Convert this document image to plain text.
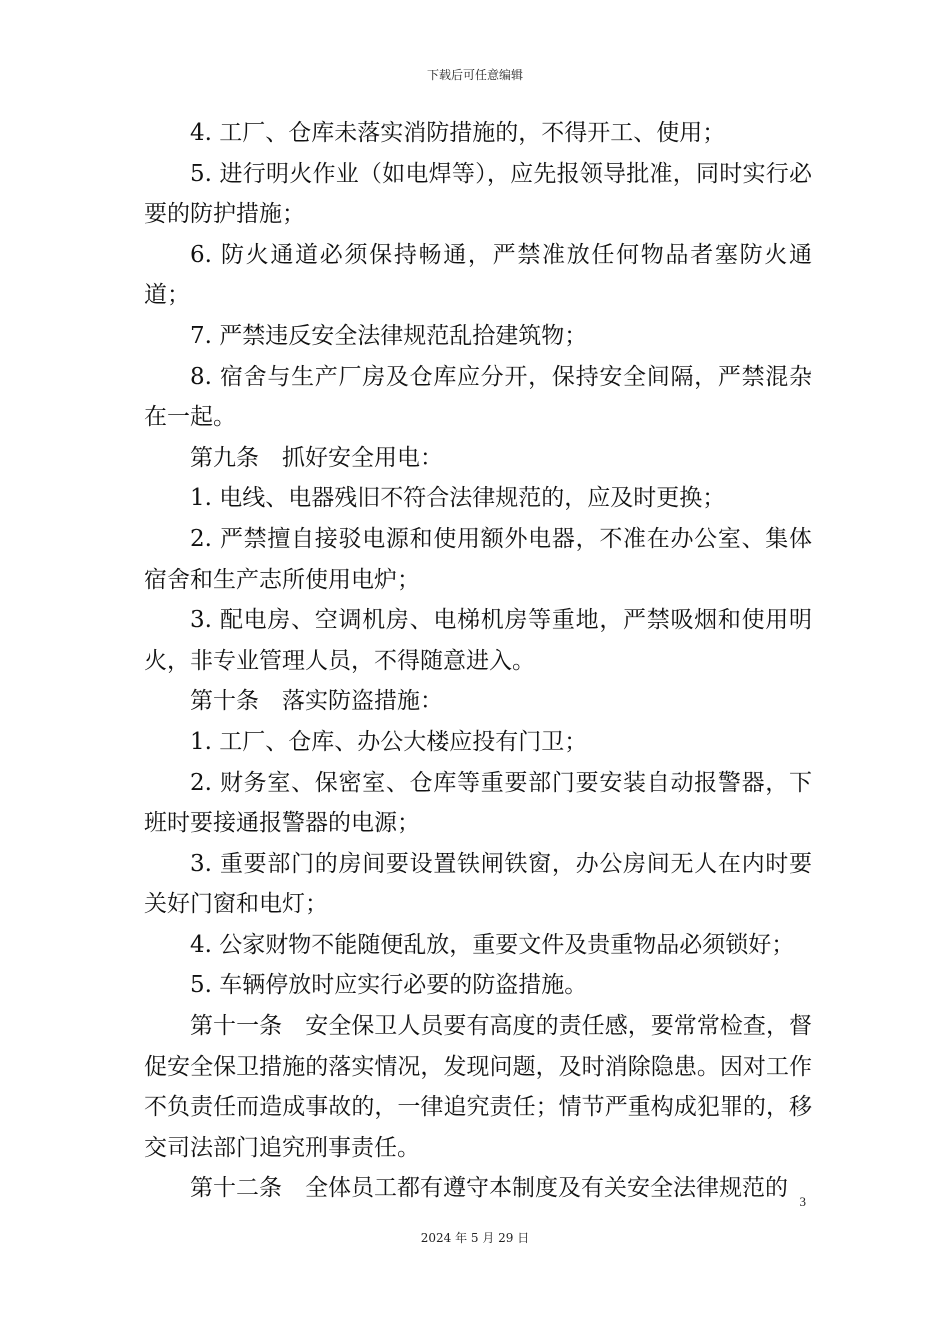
下载后可任意编辑

4. 工厂、仓库未落实消防措施的，不得开工、使用；

5. 进行明火作业（如电焊等），应先报领导批准，同时实行必要的防护措施；

6. 防火通道必须保持畅通，严禁准放任何物品者塞防火通道；

7. 严禁违反安全法律规范乱拾建筑物；

8. 宿舍与生产厂房及仓库应分开，保持安全间隔，严禁混杂在一起。

第九条　抓好安全用电：

1. 电线、电器残旧不符合法律规范的，应及时更换；

2. 严禁擅自接驳电源和使用额外电器，不准在办公室、集体宿舍和生产志所使用电炉；

3. 配电房、空调机房、电梯机房等重地，严禁吸烟和使用明火，非专业管理人员，不得随意进入。

第十条　落实防盗措施：

1. 工厂、仓库、办公大楼应投有门卫；

2. 财务室、保密室、仓库等重要部门要安装自动报警器，下班时要接通报警器的电源；

3. 重要部门的房间要设置铁闸铁窗，办公房间无人在内时要关好门窗和电灯；

4. 公家财物不能随便乱放，重要文件及贵重物品必须锁好；

5. 车辆停放时应实行必要的防盗措施。

第十一条　安全保卫人员要有高度的责任感，要常常检查，督促安全保卫措施的落实情况，发现问题，及时消除隐患。因对工作不负责任而造成事故的，一律追究责任；情节严重构成犯罪的，移交司法部门追究刑事责任。

第十二条　全体员工都有遵守本制度及有关安全法律规范的

3
2024 年 5 月 29 日
